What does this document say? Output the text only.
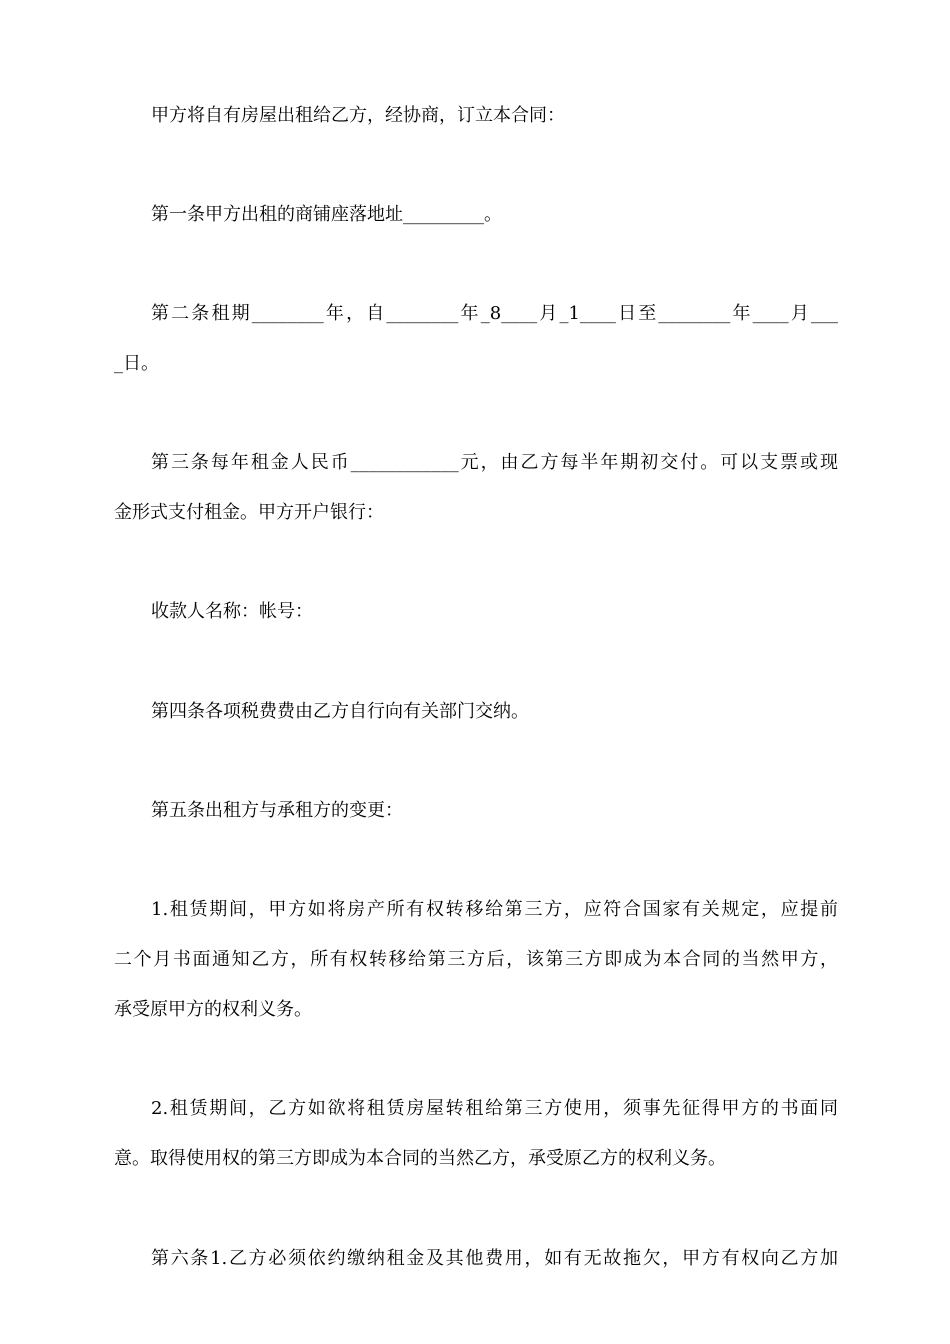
甲方将自有房屋出租给乙方，经协商，订立本合同：
第一条甲方出租的商铺座落地址_________。
第二条租期________年，自________年_8____月_1____日至________年____月___
_日。
第三条每年租金人民币____________元，由乙方每半年期初交付。可以支票或现
金形式支付租金。甲方开户银行：
收款人名称：帐号：
第四条各项税费费由乙方自行向有关部门交纳。
第五条出租方与承租方的变更：
1.租赁期间，甲方如将房产所有权转移给第三方，应符合国家有关规定，应提前
二个月书面通知乙方，所有权转移给第三方后，该第三方即成为本合同的当然甲方，
承受原甲方的权利义务。
2.租赁期间，乙方如欲将租赁房屋转租给第三方使用，须事先征得甲方的书面同
意。取得使用权的第三方即成为本合同的当然乙方，承受原乙方的权利义务。
第六条1.乙方必须依约缴纳租金及其他费用，如有无故拖欠，甲方有权向乙方加
